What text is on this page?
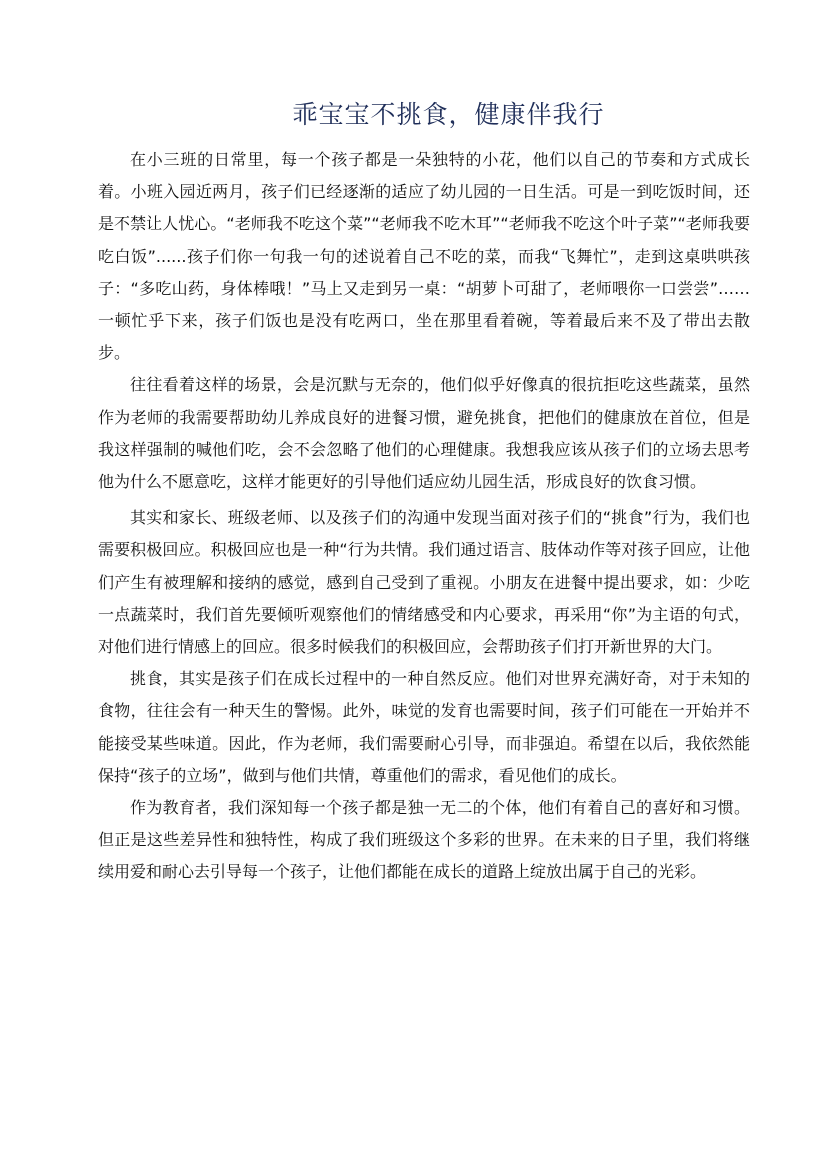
乖宝宝不挑食，健康伴我行

在小三班的日常里，每一个孩子都是一朵独特的小花，他们以自己的节奏和方式成长着。小班入园近两月，孩子们已经逐渐的适应了幼儿园的一日生活。可是一到吃饭时间，还是不禁让人忧心。“老师我不吃这个菜”“老师我不吃木耳”“老师我不吃这个叶子菜”“老师我要吃白饭”......孩子们你一句我一句的述说着自己不吃的菜，而我“飞舞忙”，走到这桌哄哄孩子：“多吃山药，身体棒哦！”马上又走到另一桌：“胡萝卜可甜了，老师喂你一口尝尝”……一顿忙乎下来，孩子们饭也是没有吃两口，坐在那里看着碗，等着最后来不及了带出去散步。

往往看着这样的场景，会是沉默与无奈的，他们似乎好像真的很抗拒吃这些蔬菜，虽然作为老师的我需要帮助幼儿养成良好的进餐习惯，避免挑食，把他们的健康放在首位，但是我这样强制的喊他们吃，会不会忽略了他们的心理健康。我想我应该从孩子们的立场去思考他为什么不愿意吃，这样才能更好的引导他们适应幼儿园生活，形成良好的饮食习惯。

其实和家长、班级老师、以及孩子们的沟通中发现当面对孩子们的“挑食”行为，我们也需要积极回应。积极回应也是一种“行为共情。我们通过语言、肢体动作等对孩子回应，让他们产生有被理解和接纳的感觉，感到自己受到了重视。小朋友在进餐中提出要求，如：少吃一点蔬菜时，我们首先要倾听观察他们的情绪感受和内心要求，再采用“你”为主语的句式，对他们进行情感上的回应。很多时候我们的积极回应，会帮助孩子们打开新世界的大门。

挑食，其实是孩子们在成长过程中的一种自然反应。他们对世界充满好奇，对于未知的食物，往往会有一种天生的警惕。此外，味觉的发育也需要时间，孩子们可能在一开始并不能接受某些味道。因此，作为老师，我们需要耐心引导，而非强迫。希望在以后，我依然能保持“孩子的立场”，做到与他们共情，尊重他们的需求，看见他们的成长。

作为教育者，我们深知每一个孩子都是独一无二的个体，他们有着自己的喜好和习惯。但正是这些差异性和独特性，构成了我们班级这个多彩的世界。在未来的日子里，我们将继续用爱和耐心去引导每一个孩子，让他们都能在成长的道路上绽放出属于自己的光彩。
